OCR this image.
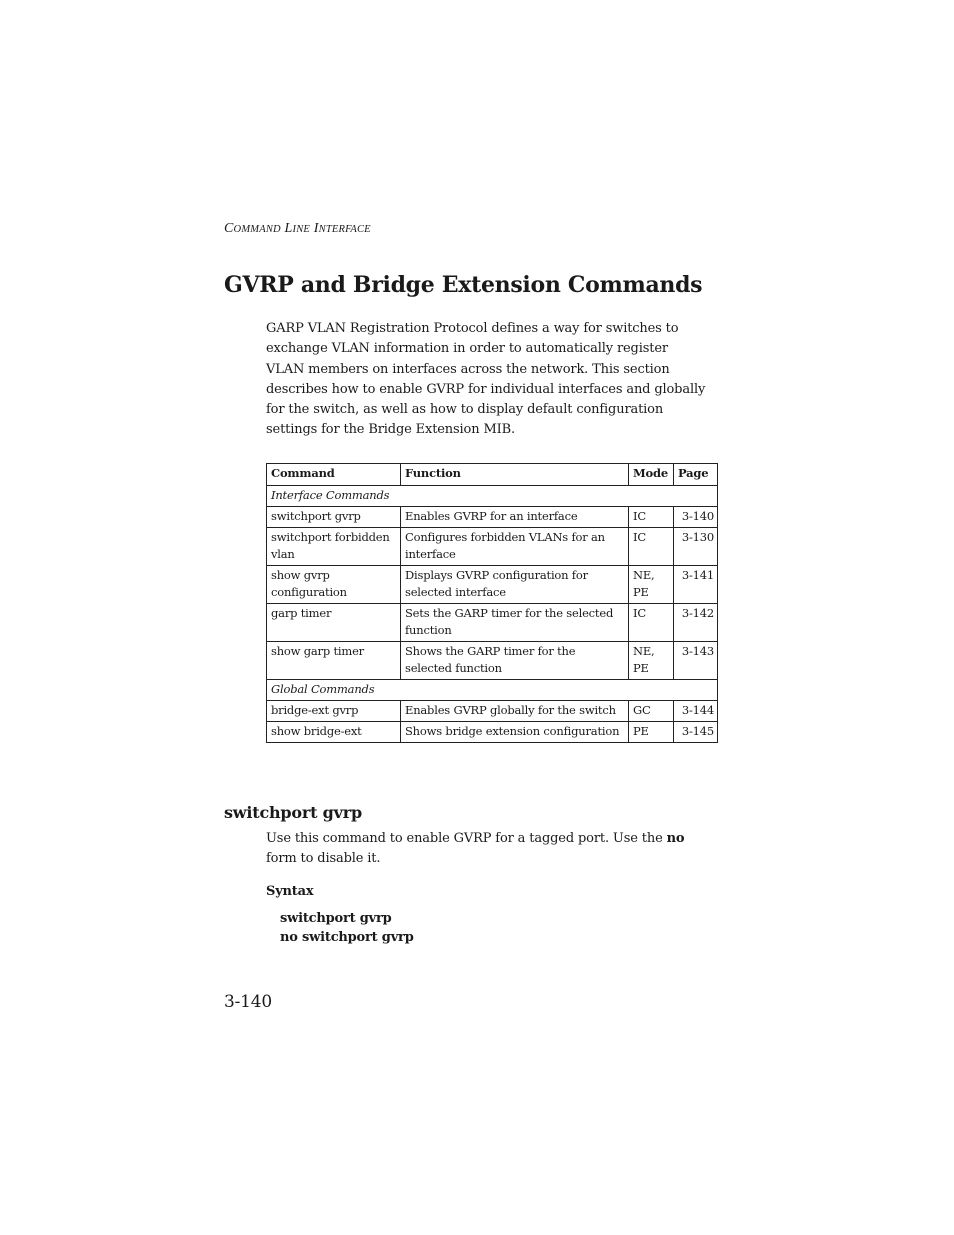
COMMAND LINE INTERFACE
GVRP and Bridge Extension Commands

GARP VLAN Registration Protocol defines a way for switches to exchange VLAN information in order to automatically register VLAN members on interfaces across the network. This section describes how to enable GVRP for individual interfaces and globally for the switch, as well as how to display default configuration settings for the Bridge Extension MIB.

Command	Function	Mode	Page
Interface Commands			
switchport gvrp	Enables GVRP for an interface	IC	3-140
switchport forbidden vlan	Configures forbidden VLANs for an interface	IC	3-130
show gvrp configuration	Displays GVRP configuration for selected interface	NE, PE	3-141
garp timer	Sets the GARP timer for the selected function	IC	3-142
show garp timer	Shows the GARP timer for the selected function	NE, PE	3-143
Global Commands			
bridge-ext gvrp	Enables GVRP globally for the switch	GC	3-144
show bridge-ext	Shows bridge extension configuration	PE	3-145
switchport gvrp

Use this command to enable GVRP for a tagged port. Use the no form to disable it.

Syntax

switchport gvrp

no switchport gvrp

3-140
